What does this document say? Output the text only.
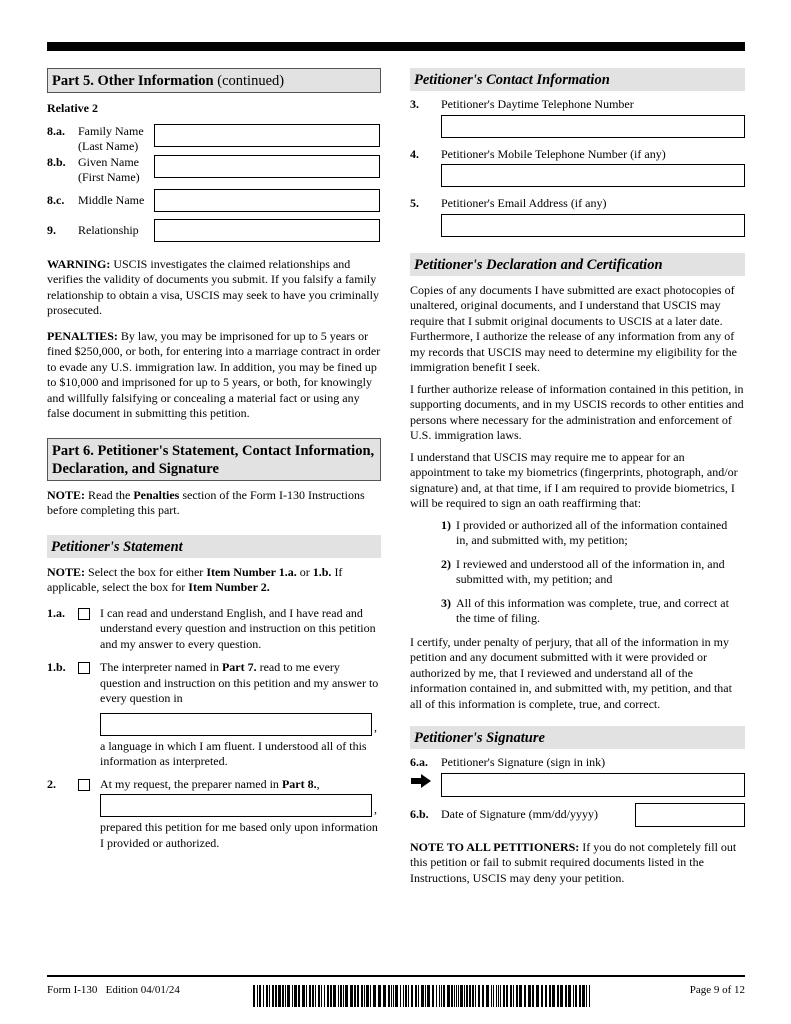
Part 5. Other Information (continued)
Relative 2
8.a.	Family Name
(Last Name)
8.b.	Given Name
(First Name)
8.c.	Middle Name
9.	Relationship

WARNING: USCIS investigates the claimed relationships and verifies the validity of documents you submit. If you falsify a family relationship to obtain a visa, USCIS may seek to have you criminally prosecuted.

PENALTIES: By law, you may be imprisoned for up to 5 years or fined $250,000, or both, for entering into a marriage contract in order to evade any U.S. immigration law. In addition, you may be fined up to $10,000 and imprisoned for up to 5 years, or both, for knowingly and willfully falsifying or concealing a material fact or using any false document in submitting this petition.

Part 6. Petitioner's Statement, Contact Information, Declaration, and Signature

NOTE: Read the Penalties section of the Form I-130 Instructions before completing this part.

Petitioner's Statement

NOTE: Select the box for either Item Number 1.a. or 1.b. If applicable, select the box for Item Number 2.

1.a.	I can read and understand English, and I have read and understand every question and instruction on this petition and my answer to every question.
1.b.	The interpreter named in Part 7. read to me every question and instruction on this petition and my answer to every question in
,
a language in which I am fluent. I understood all of this information as interpreted.
2.	At my request, the preparer named in Part 8.,
,
prepared this petition for me based only upon information I provided or authorized.
Petitioner's Contact Information
3.	Petitioner's Daytime Telephone Number
4.	Petitioner's Mobile Telephone Number (if any)
5.	Petitioner's Email Address (if any)
Petitioner's Declaration and Certification

Copies of any documents I have submitted are exact photocopies of unaltered, original documents, and I understand that USCIS may require that I submit original documents to USCIS at a later date. Furthermore, I authorize the release of any information from any of my records that USCIS may need to determine my eligibility for the immigration benefit I seek.

I further authorize release of information contained in this petition, in supporting documents, and in my USCIS records to other entities and persons where necessary for the administration and enforcement of U.S. immigration laws.

I understand that USCIS may require me to appear for an appointment to take my biometrics (fingerprints, photograph, and/or signature) and, at that time, if I am required to provide biometrics, I will be required to sign an oath reaffirming that:

1) I provided or authorized all of the information contained in, and submitted with, my petition;
2) I reviewed and understood all of the information in, and submitted with, my petition; and
3) All of this information was complete, true, and correct at the time of filing.

I certify, under penalty of perjury, that all of the information in my petition and any document submitted with it were provided or authorized by me, that I reviewed and understand all of the information contained in, and submitted with, my petition, and that all of this information is complete, true, and correct.

Petitioner's Signature
6.a.	Petitioner's Signature (sign in ink)
6.b.	Date of Signature (mm/dd/yyyy)

NOTE TO ALL PETITIONERS: If you do not completely fill out this petition or fail to submit required documents listed in the Instructions, USCIS may deny your petition.

Form I-130 Edition 04/01/24	Page 9 of 12
